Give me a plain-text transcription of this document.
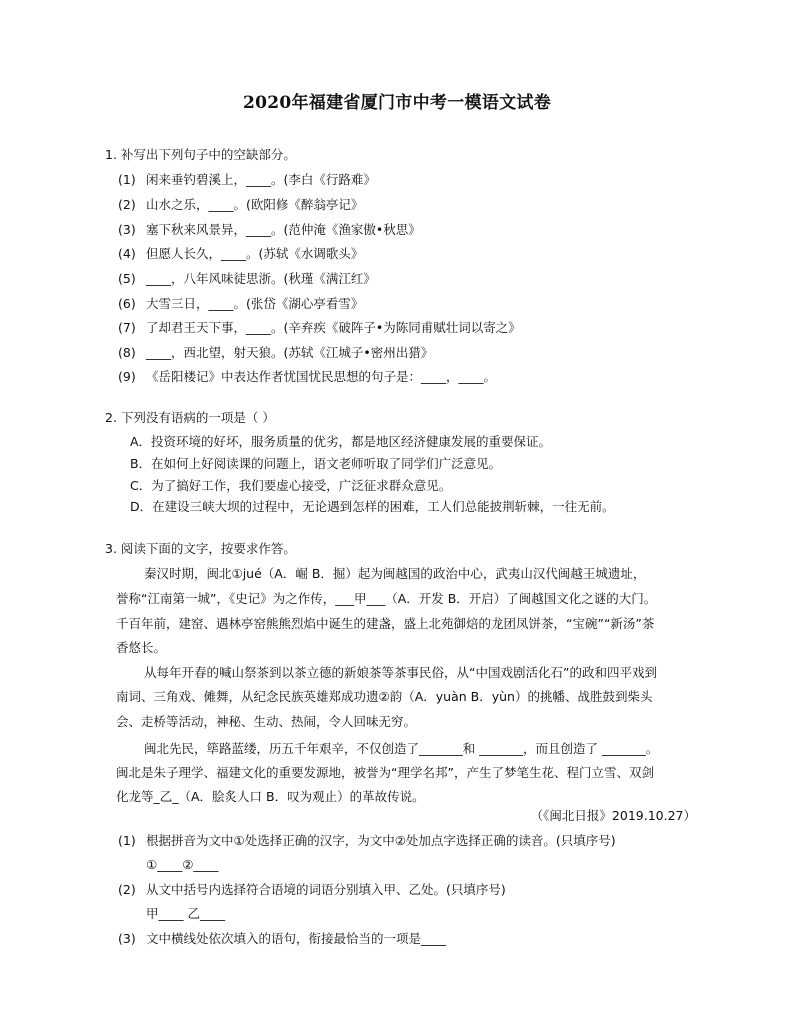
2020年福建省厦门市中考一模语文试卷
1. 补写出下列句子中的空缺部分。
(1) 闲来垂钓碧溪上，____。(李白《行路难》
(2) 山水之乐，____。(欧阳修《醉翁亭记》
(3) 塞下秋来风景异，____。(范仲淹《渔家傲•秋思》
(4) 但愿人长久，____。(苏轼《水调歌头》
(5) ____，八年风味徒思浙。(秋瑾《满江红》
(6) 大雪三日，____。(张岱《湖心亭看雪》
(7) 了却君王天下事，____。(辛弃疾《破阵子•为陈同甫赋壮词以寄之》
(8) ____，西北望，射天狼。(苏轼《江城子•密州出猎》
(9) 《岳阳楼记》中表达作者忧国忧民思想的句子是：____，____。
2. 下列没有语病的一项是（ ）
A．投资环境的好坏，服务质量的优劣，都是地区经济健康发展的重要保证。
B．在如何上好阅读课的问题上，语文老师听取了同学们广泛意见。
C．为了搞好工作，我们要虚心接受，广泛征求群众意见。
D．在建设三峡大坝的过程中，无论遇到怎样的困难，工人们总能披荆斩棘，一往无前。
3. 阅读下面的文字，按要求作答。
秦汉时期，闽北①jué（A．崛 B．掘）起为闽越国的政治中心，武夷山汉代闽越王城遗址，
誉称“江南第一城”，《史记》为之作传，___甲___（A．开发 B．开启）了闽越国文化之谜的大门。
千百年前，建窑、遇林亭窑熊熊烈焰中诞生的建盏，盛上北苑御焙的龙团凤饼茶，“宝碗”“新汤”茶
香悠长。
从每年开春的喊山祭茶到以茶立德的新娘茶等茶事民俗，从“中国戏剧活化石”的政和四平戏到
南词、三角戏、傩舞，从纪念民族英雄郑成功遗②韵（A．yuàn B．yùn）的挑幡、战胜鼓到柴头
会、走桥等活动，神秘、生动、热闹，令人回味无穷。
闽北先民，筚路蓝缕，历五千年艰辛，不仅创造了_______和 _______，而且创造了 _______。
闽北是朱子理学、福建文化的重要发源地，被誉为“理学名邦”，产生了梦笔生花、程门立雪、双剑
化龙等_乙_（A．脍炙人口 B．叹为观止）的革故传说。
（《闽北日报》2019.10.27）
(1) 根据拼音为文中①处选择正确的汉字，为文中②处加点字选择正确的读音。(只填序号)
①____②____
(2) 从文中括号内选择符合语境的词语分别填入甲、乙处。(只填序号)
甲____ 乙____
(3) 文中横线处依次填入的语句，衔接最恰当的一项是____
